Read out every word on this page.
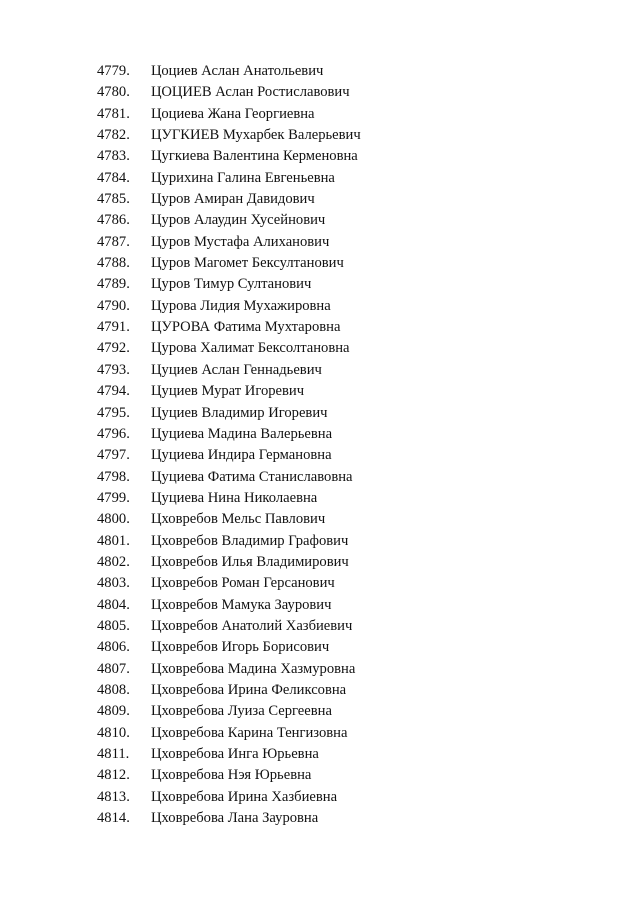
4779.	Цоциев Аслан Анатольевич
4780.	ЦОЦИЕВ Аслан Ростиславович
4781.	Цоциева Жана Георгиевна
4782.	ЦУГКИЕВ Мухарбек Валерьевич
4783.	Цугкиева Валентина Керменовна
4784.	Цурихина Галина Евгеньевна
4785.	Цуров Амиран Давидович
4786.	Цуров Алаудин Хусейнович
4787.	Цуров Мустафа Алиханович
4788.	Цуров Магомет Бексултанович
4789.	Цуров Тимур Султанович
4790.	Цурова Лидия Мухажировна
4791.	ЦУРОВА Фатима Мухтаровна
4792.	Цурова Халимат Бексолтановна
4793.	Цуциев Аслан Геннадьевич
4794.	Цуциев Мурат Игоревич
4795.	Цуциев Владимир Игоревич
4796.	Цуциева Мадина Валерьевна
4797.	Цуциева Индира Германовна
4798.	Цуциева Фатима Станиславовна
4799.	Цуциева Нина Николаевна
4800.	Цховребов Мельс Павлович
4801.	Цховребов Владимир Графович
4802.	Цховребов Илья Владимирович
4803.	Цховребов Роман Герсанович
4804.	Цховребов Мамука Заурович
4805.	Цховребов Анатолий Хазбиевич
4806.	Цховребов Игорь Борисович
4807.	Цховребова Мадина Хазмуровна
4808.	Цховребова Ирина Феликсовна
4809.	Цховребова Луиза Сергеевна
4810.	Цховребова Карина Тенгизовна
4811.	Цховребова Инга Юрьевна
4812.	Цховребова Нэя Юрьевна
4813.	Цховребова Ирина Хазбиевна
4814.	Цховребова Лана Зауровна
